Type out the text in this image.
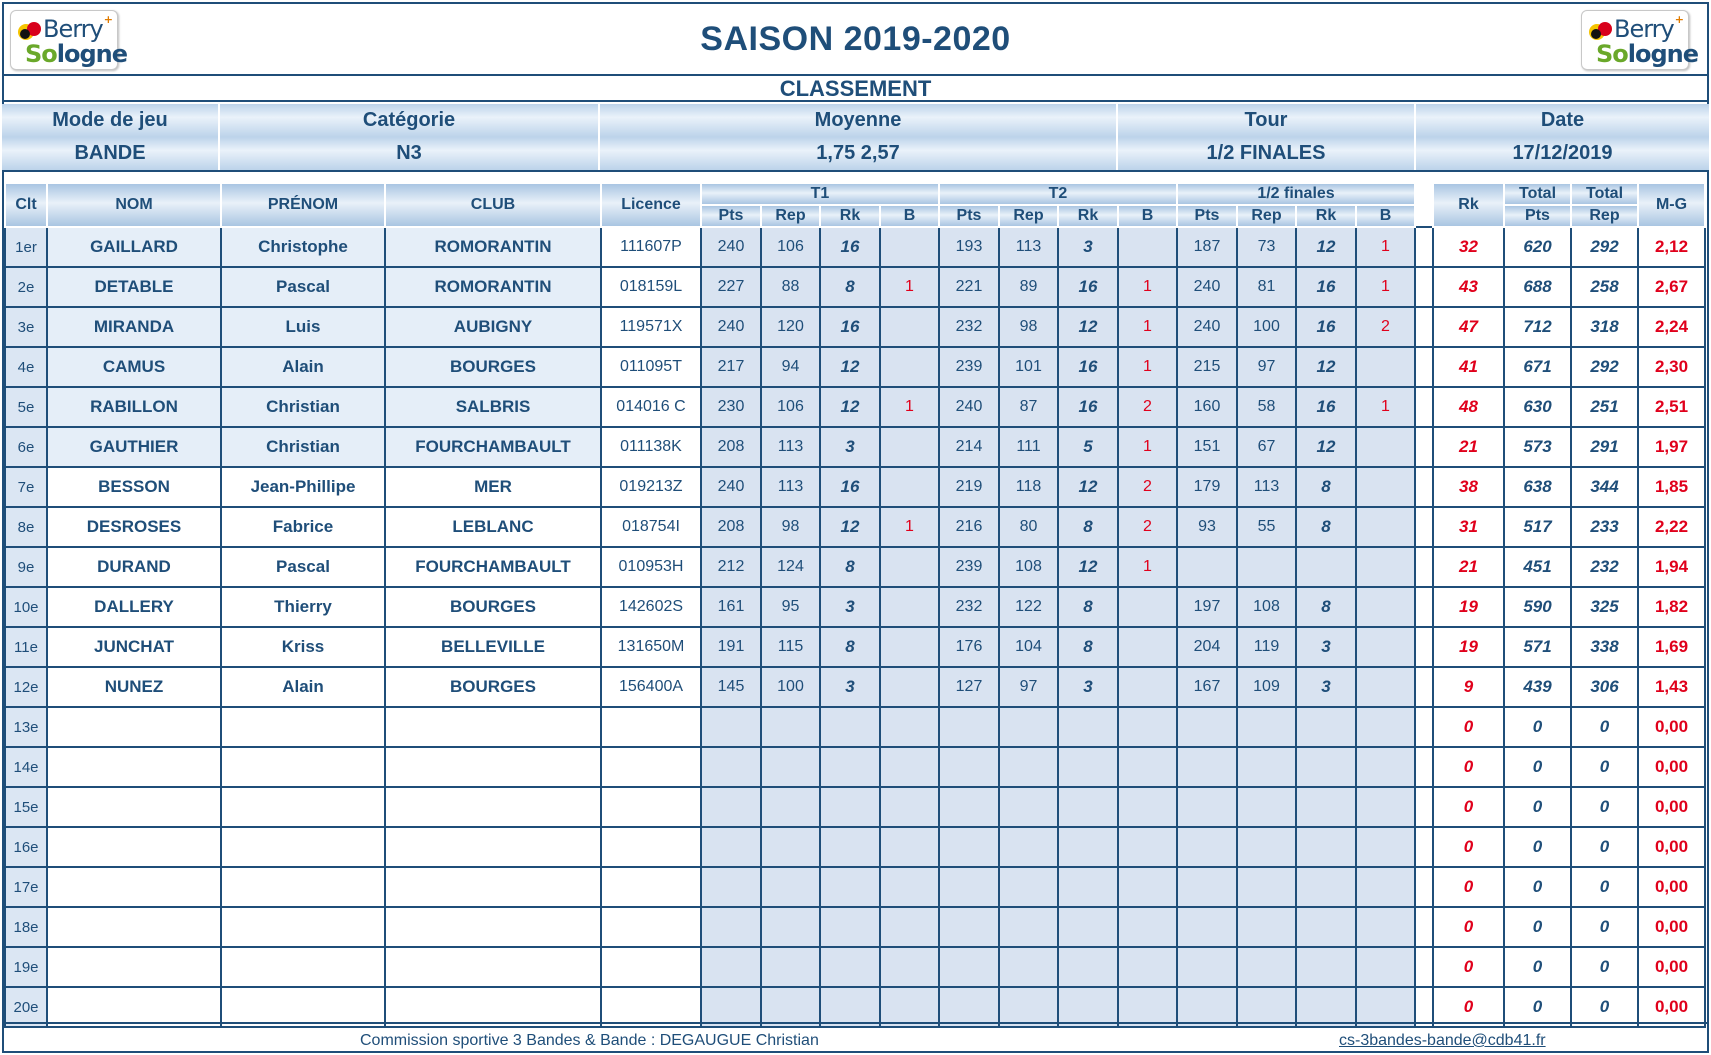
Berry
Sologne
+
SAISON 2019-2020	Berry
Sologne
+
CLASSEMENT
Mode de jeu	Catégorie	Moyenne	Tour	Date
BANDE	N3	1,75 2,57	1/2 FINALES	17/12/2019
Clt	NOM	PRÉNOM	CLUB	Licence	T1				T2				1/2 finales					Rk	Total	Total	M-G
					Pts	Rep	Rk	B	Pts	Rep	Rk	B	Pts	Rep	Rk	B			Pts	Rep	
1er	GAILLARD	Christophe	ROMORANTIN	111607P	240	106	16		193	113	3		187	73	12	1		32	620	292	2,12
2e	DETABLE	Pascal	ROMORANTIN	018159L	227	88	8	1	221	89	16	1	240	81	16	1		43	688	258	2,67
3e	MIRANDA	Luis	AUBIGNY	119571X	240	120	16		232	98	12	1	240	100	16	2		47	712	318	2,24
4e	CAMUS	Alain	BOURGES	011095T	217	94	12		239	101	16	1	215	97	12			41	671	292	2,30
5e	RABILLON	Christian	SALBRIS	014016 C	230	106	12	1	240	87	16	2	160	58	16	1		48	630	251	2,51
6e	GAUTHIER	Christian	FOURCHAMBAULT	011138K	208	113	3		214	111	5	1	151	67	12			21	573	291	1,97
7e	BESSON	Jean-Phillipe	MER	019213Z	240	113	16		219	118	12	2	179	113	8			38	638	344	1,85
8e	DESROSES	Fabrice	LEBLANC	018754I	208	98	12	1	216	80	8	2	93	55	8			31	517	233	2,22
9e	DURAND	Pascal	FOURCHAMBAULT	010953H	212	124	8		239	108	12	1						21	451	232	1,94
10e	DALLERY	Thierry	BOURGES	142602S	161	95	3		232	122	8		197	108	8			19	590	325	1,82
11e	JUNCHAT	Kriss	BELLEVILLE	131650M	191	115	8		176	104	8		204	119	3			19	571	338	1,69
12e	NUNEZ	Alain	BOURGES	156400A	145	100	3		127	97	3		167	109	3			9	439	306	1,43
13e																		0	0	0	0,00
14e																		0	0	0	0,00
15e																		0	0	0	0,00
16e																		0	0	0	0,00
17e																		0	0	0	0,00
18e																		0	0	0	0,00
19e																		0	0	0	0,00
20e																		0	0	0	0,00
Commission sportive 3 Bandes & Bande : DEGAUGUE Christian	cs-3bandes-bande@cdb41.fr
